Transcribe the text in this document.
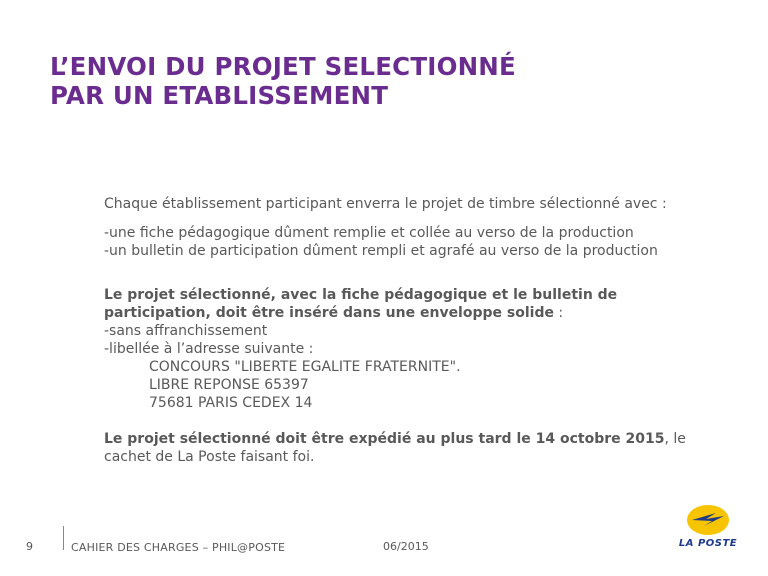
L’ENVOI DU PROJET SELECTIONNÉ
PAR UN ETABLISSEMENT

Chaque établissement participant enverra le projet de timbre sélectionné avec :

-une fiche pédagogique dûment remplie et collée au verso de la production

-un bulletin de participation dûment rempli et agrafé au verso de la production

Le projet sélectionné, avec la fiche pédagogique et le bulletin de participation, doit être inséré dans une enveloppe solide :

-sans affranchissement

-libellée à l’adresse suivante :

CONCOURS "LIBERTE EGALITE FRATERNITE".

LIBRE REPONSE 65397

75681 PARIS CEDEX 14

Le projet sélectionné doit être expédié au plus tard le 14 octobre 2015, le cachet de La Poste faisant foi.

9	CAHIER DES CHARGES – PHIL@POSTE	06/2015	LA POSTE
